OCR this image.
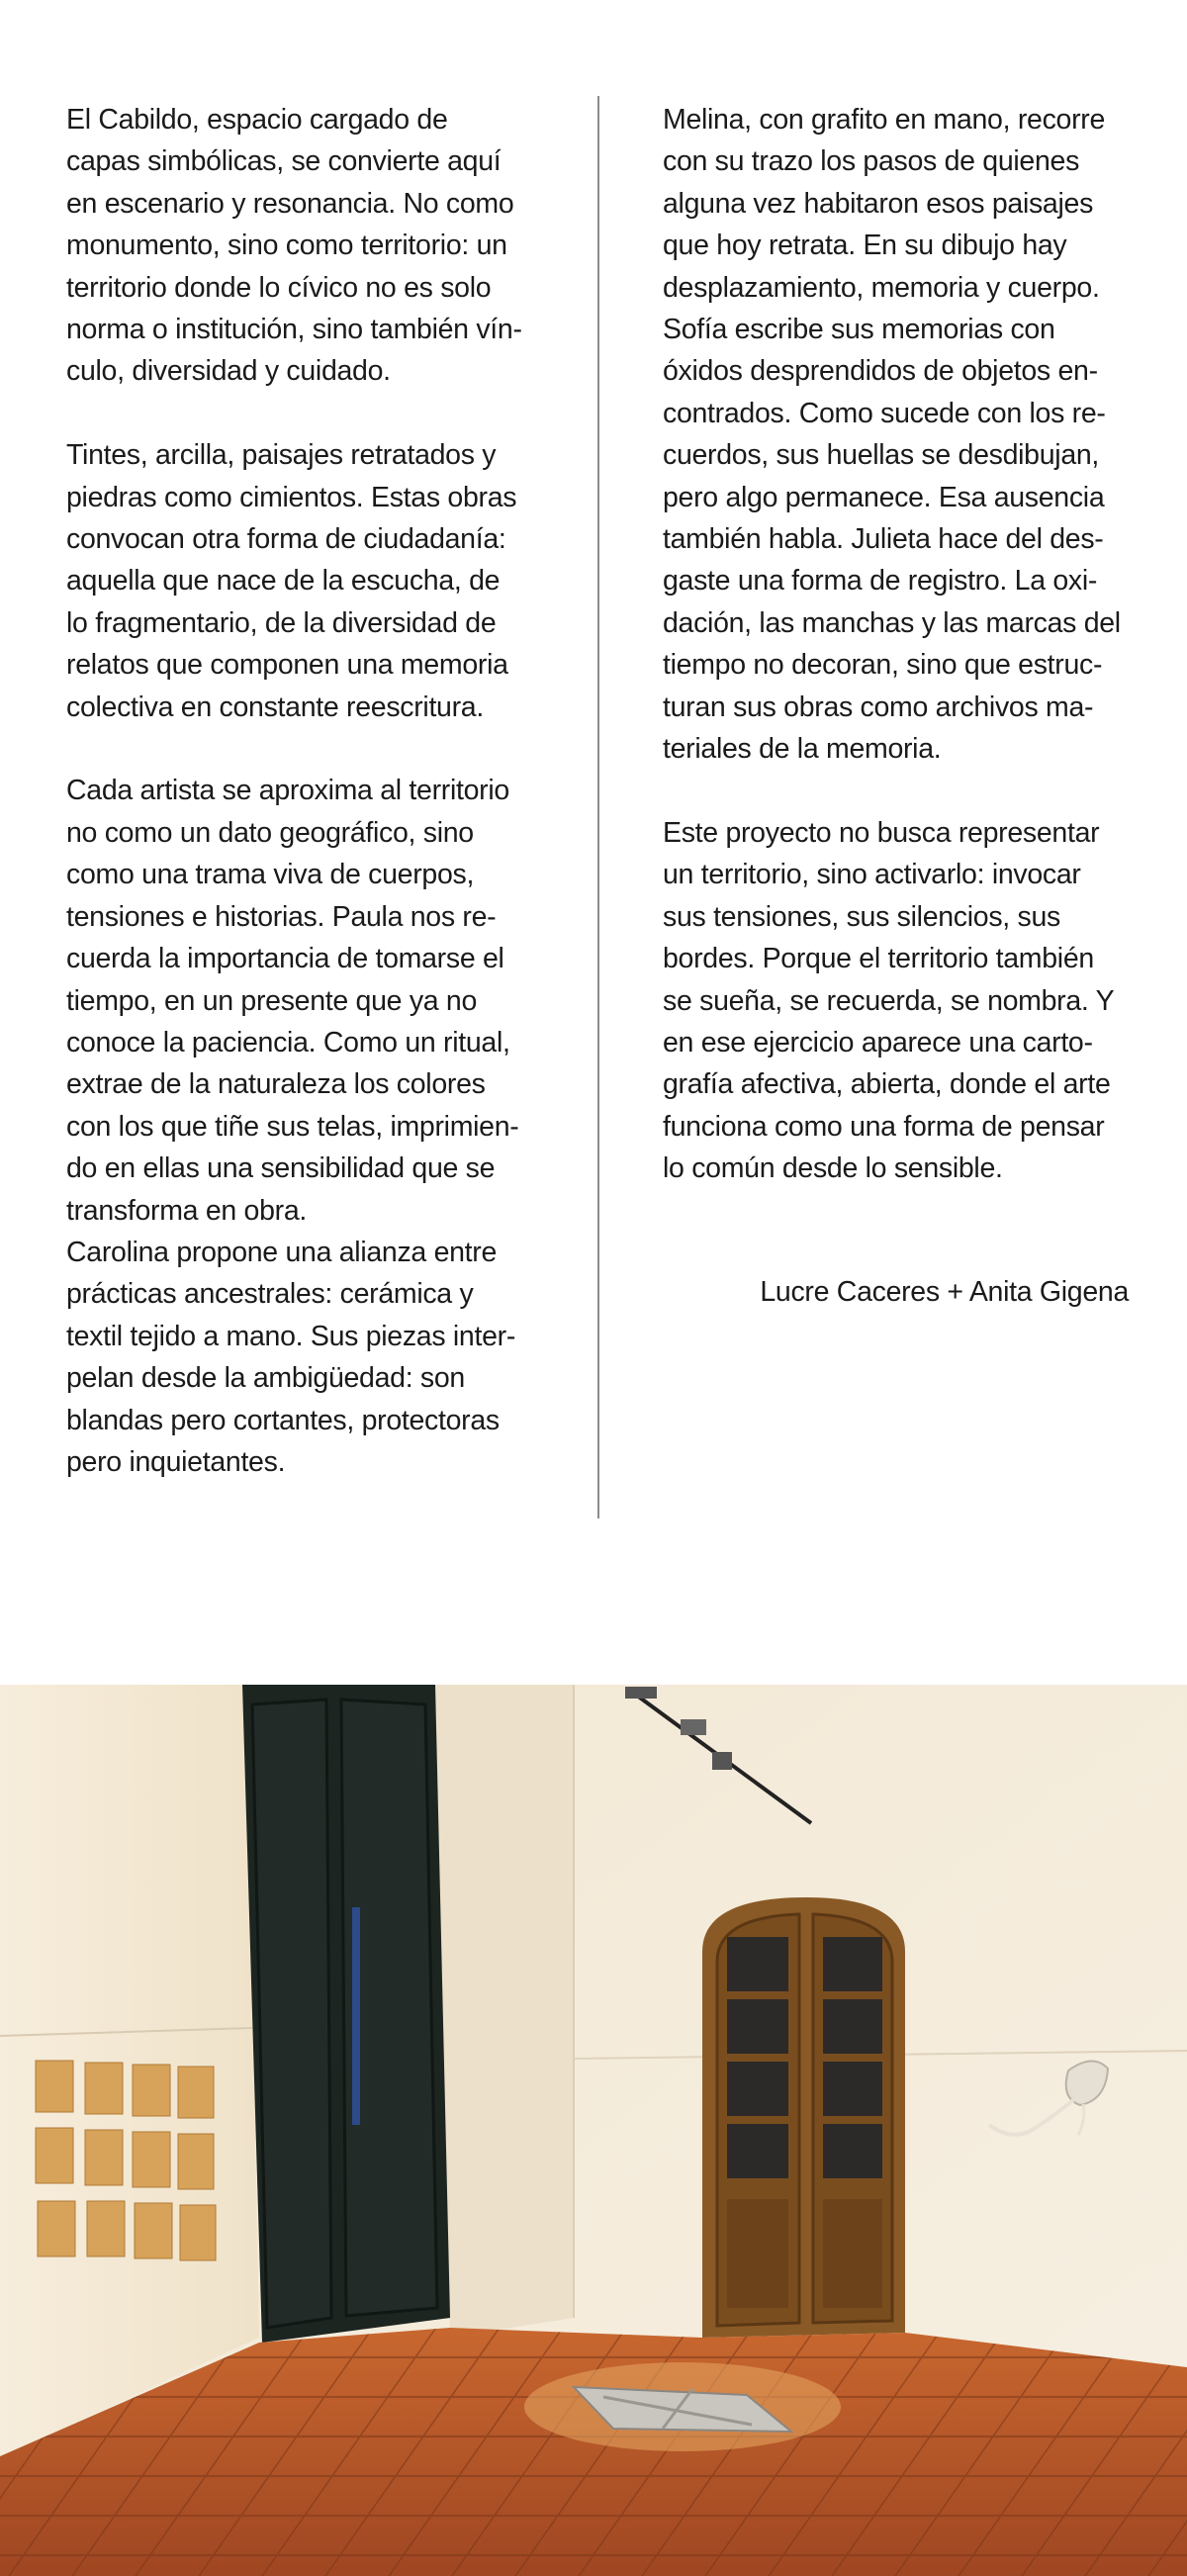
El Cabildo, espacio cargado de
capas simbólicas, se convierte aquí
en escenario y resonancia. No como
monumento, sino como territorio: un
territorio donde lo cívico no es solo
norma o institución, sino también vín-
culo, diversidad y cuidado.

Tintes, arcilla, paisajes retratados y
piedras como cimientos. Estas obras
convocan otra forma de ciudadanía:
aquella que nace de la escucha, de
lo fragmentario, de la diversidad de
relatos que componen una memoria
colectiva en constante reescritura.

Cada artista se aproxima al territorio
no como un dato geográfico, sino
como una trama viva de cuerpos,
tensiones e historias. Paula nos re-
cuerda la importancia de tomarse el
tiempo, en un presente que ya no
conoce la paciencia. Como un ritual,
extrae de la naturaleza los colores
con los que tiñe sus telas, imprimien-
do en ellas una sensibilidad que se
transforma en obra.

Carolina propone una alianza entre
prácticas ancestrales: cerámica y
textil tejido a mano. Sus piezas inter-
pelan desde la ambigüedad: son
blandas pero cortantes, protectoras
pero inquietantes.

Melina, con grafito en mano, recorre
con su trazo los pasos de quienes
alguna vez habitaron esos paisajes
que hoy retrata. En su dibujo hay
desplazamiento, memoria y cuerpo.
Sofía escribe sus memorias con
óxidos desprendidos de objetos en-
contrados. Como sucede con los re-
cuerdos, sus huellas se desdibujan,
pero algo permanece. Esa ausencia
también habla. Julieta hace del des-
gaste una forma de registro. La oxi-
dación, las manchas y las marcas del
tiempo no decoran, sino que estruc-
turan sus obras como archivos ma-
teriales de la memoria.

Este proyecto no busca representar
un territorio, sino activarlo: invocar
sus tensiones, sus silencios, sus
bordes. Porque el territorio también
se sueña, se recuerda, se nombra. Y
en ese ejercicio aparece una carto-
grafía afectiva, abierta, donde el arte
funciona como una forma de pensar
lo común desde lo sensible.

Lucre Caceres + Anita Gigena
